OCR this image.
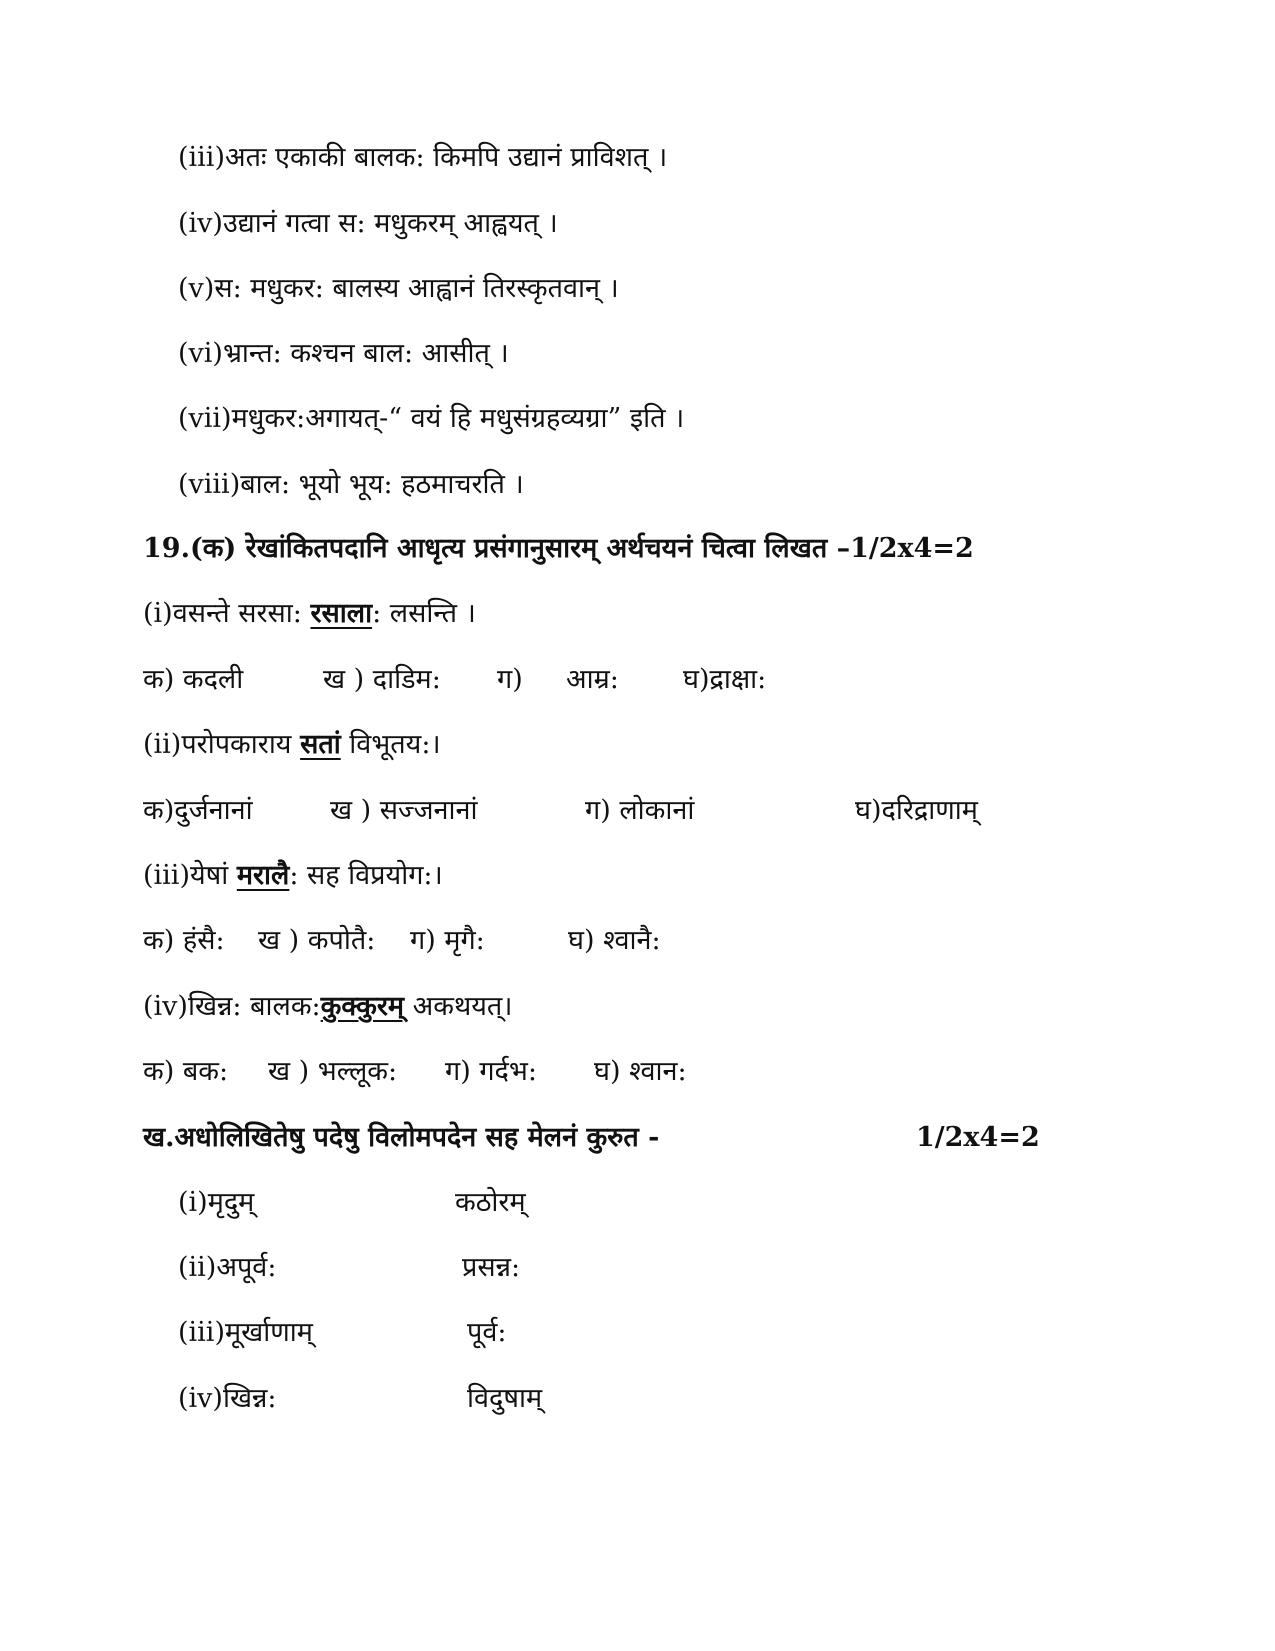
(iii)अतः एकाकी बालक: किमपि उद्यानं प्राविशत् ।
(iv)उद्यानं गत्वा स: मधुकरम् आह्वयत् ।
(v)स: मधुकर: बालस्य आह्वानं तिरस्कृतवान् ।
(vi)भ्रान्त: कश्चन बाल: आसीत् ।
(vii)मधुकर:अगायत्-“ वयं हि मधुसंग्रहव्यग्रा” इति ।
(viii)बाल: भूयो भूय: हठमाचरति ।
19.(क) रेखांकितपदानि आधृत्य प्रसंगानुसारम् अर्थचयनं चित्वा लिखत –1/2x4=2
(i)वसन्ते सरसा: रसाला: लसन्ति ।
क) कदली	ख ) दाडिम: ग) आम्र: घ)द्राक्षा:
(ii)परोपकाराय सतां विभूतय:।
क)दुर्जनानां	ख ) सज्जनानां	ग) लोकानां	घ)दरिद्राणाम्
(iii)येषां मरालै: सह विप्रयोग:।
क) हंसै: ख ) कपोतै: ग) मृगै:	घ) श्वानै:
(iv)खिन्न: बालक:कुक्कुरम् अकथयत्।
क) बक: ख ) भल्लूक: ग) गर्दभ: घ) श्वान:
ख.अधोलिखितेषु पदेषु विलोमपदेन सह मेलनं कुरुत -	1/2x4=2
(i)मृदुम्	कठोरम्
(ii)अपूर्व:	प्रसन्न:
(iii)मूर्खाणाम्	पूर्व:
(iv)खिन्न:	विदुषाम्
